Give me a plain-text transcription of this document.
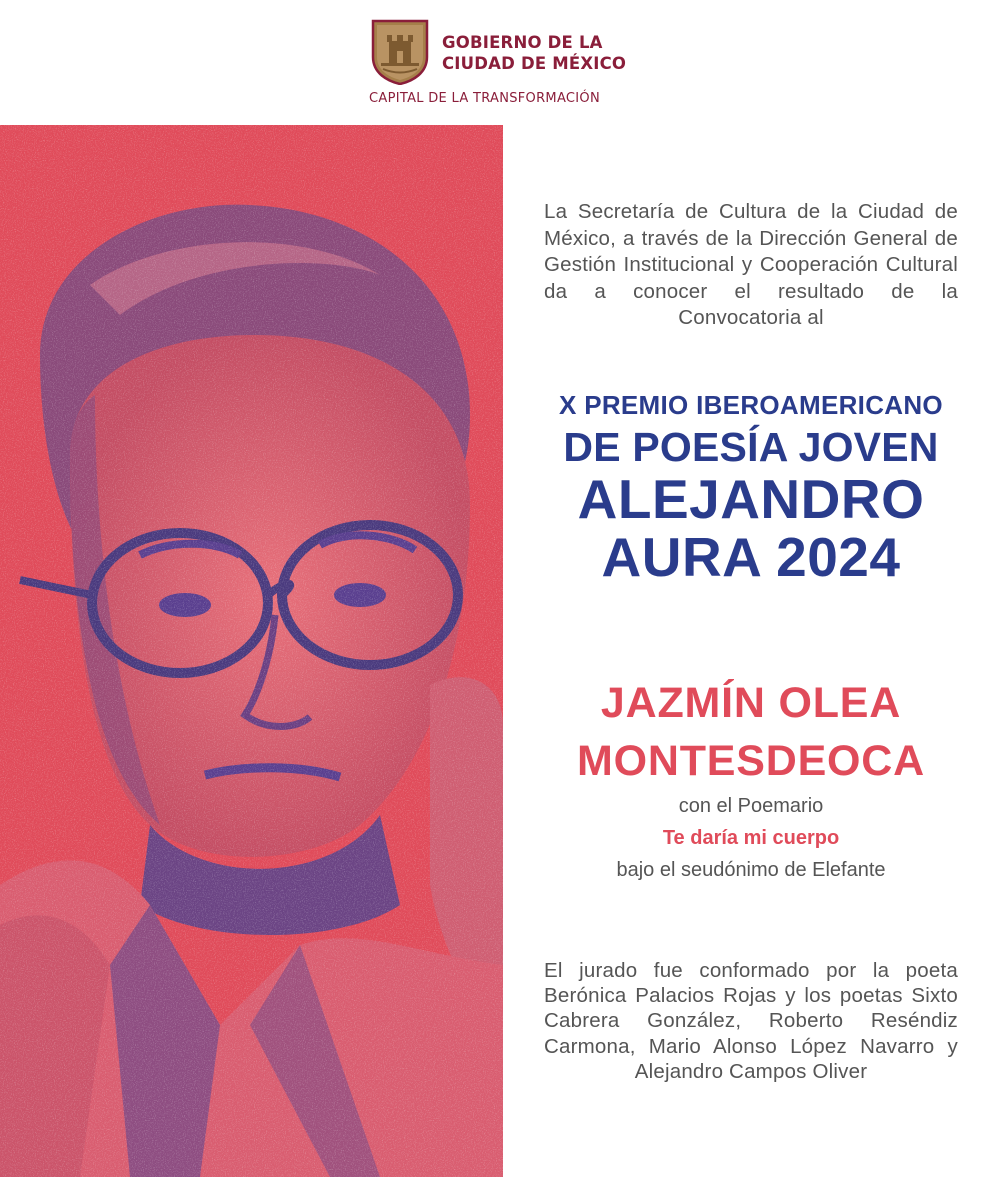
GOBIERNO DE LA
CIUDAD DE MÉXICO
CAPITAL DE LA TRANSFORMACIÓN
La Secretaría de Cultura de la Ciudad de México, a través de la Dirección General de Gestión Institucional y Cooperación Cultural da a conocer el resultado de la Convocatoria al
X PREMIO IBEROAMERICANO
DE POESÍA JOVEN
ALEJANDRO
AURA 2024
JAZMÍN OLEA
MONTESDEOCA
con el Poemario
Te daría mi cuerpo
bajo el seudónimo de Elefante
El jurado fue conformado por la poeta Berónica Palacios Rojas y los poetas Sixto Cabrera González, Roberto Reséndiz Carmona, Mario Alonso López Navarro y Alejandro Campos Oliver
